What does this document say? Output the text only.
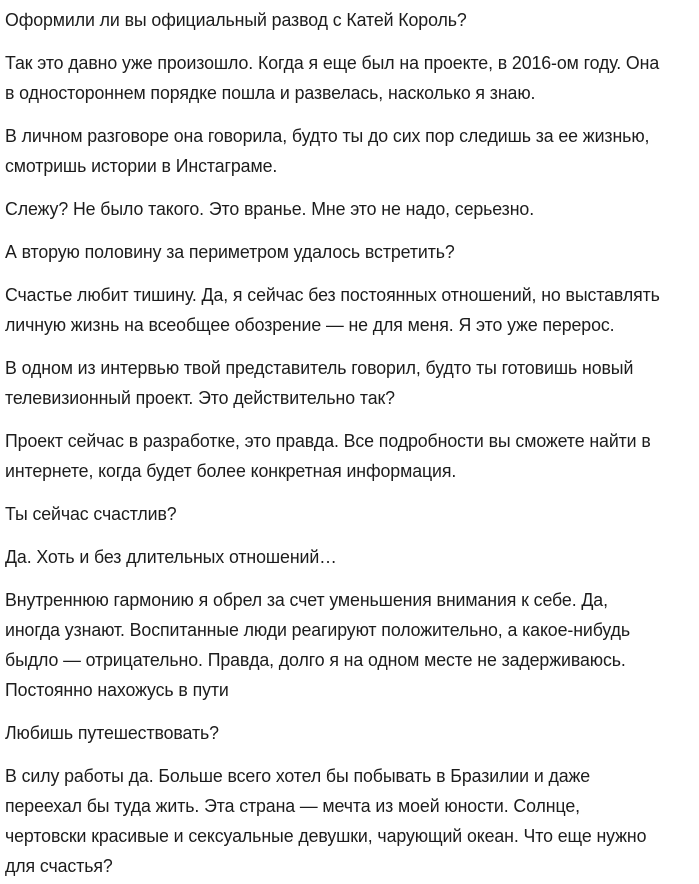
Оформили ли вы официальный развод с Катей Король?

Так это давно уже произошло. Когда я еще был на проекте, в 2016-ом году. Она в одностороннем порядке пошла и развелась, насколько я знаю.

В личном разговоре она говорила, будто ты до сих пор следишь за ее жизнью, смотришь истории в Инстаграме.

Слежу? Не было такого. Это вранье. Мне это не надо, серьезно.

А вторую половину за периметром удалось встретить?

Счастье любит тишину. Да, я сейчас без постоянных отношений, но выставлять личную жизнь на всеобщее обозрение — не для меня. Я это уже перерос.

В одном из интервью твой представитель говорил, будто ты готовишь новый телевизионный проект. Это действительно так?

Проект сейчас в разработке, это правда. Все подробности вы сможете найти в интернете, когда будет более конкретная информация.

Ты сейчас счастлив?

Да. Хоть и без длительных отношений…

Внутреннюю гармонию я обрел за счет уменьшения внимания к себе. Да, иногда узнают. Воспитанные люди реагируют положительно, а какое-нибудь быдло — отрицательно. Правда, долго я на одном месте не задерживаюсь. Постоянно нахожусь в пути

Любишь путешествовать?

В силу работы да. Больше всего хотел бы побывать в Бразилии и даже переехал бы туда жить. Эта страна — мечта из моей юности. Солнце, чертовски красивые и сексуальные девушки, чарующий океан. Что еще нужно для счастья?
